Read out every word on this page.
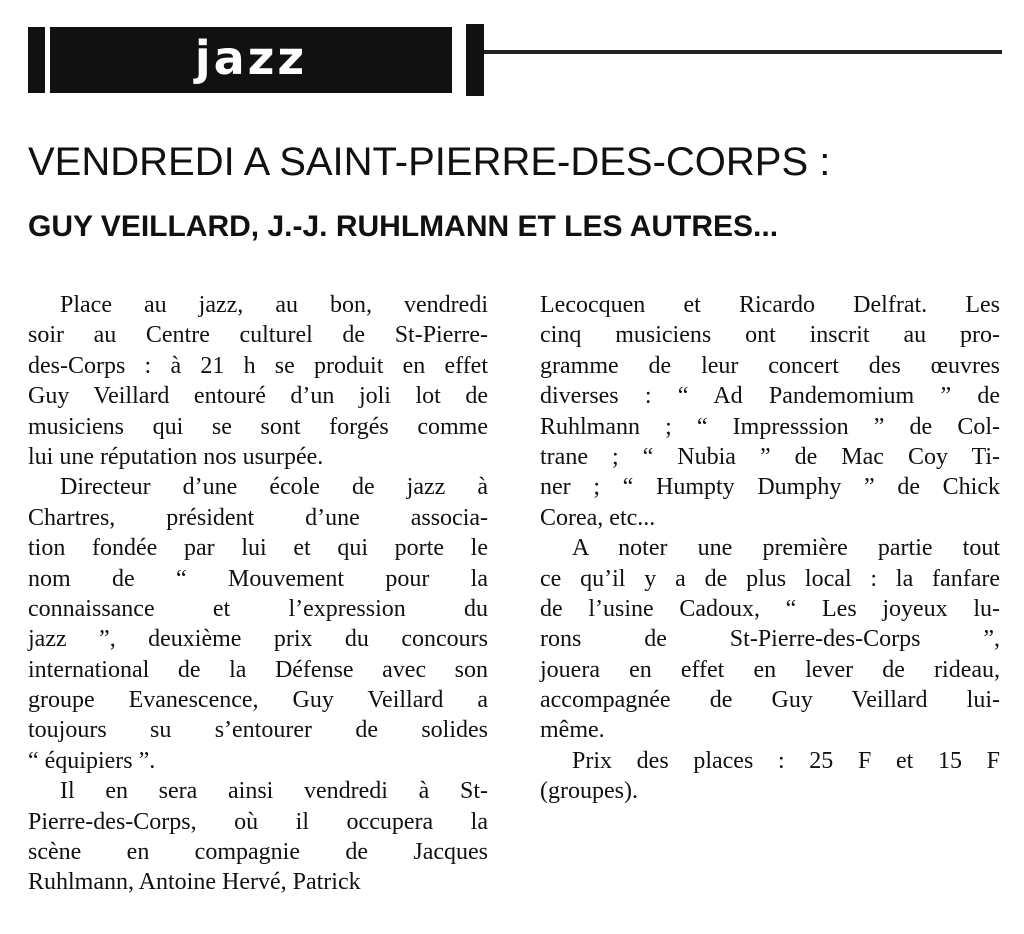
jazz
VENDREDI A SAINT-PIERRE-DES-CORPS :
GUY VEILLARD, J.-J. RUHLMANN ET LES AUTRES...
Place au jazz, au bon, vendredi
soir au Centre culturel de St-Pierre-
des-Corps : à 21 h se produit en effet
Guy Veillard entouré d’un joli lot de
musiciens qui se sont forgés comme
lui une réputation nos usurpée.
Directeur d’une école de jazz à
Chartres, président d’une associa-
tion fondée par lui et qui porte le
nom de “ Mouvement pour la
connaissance et l’expression du
jazz ”, deuxième prix du concours
international de la Défense avec son
groupe Evanescence, Guy Veillard a
toujours su s’entourer de solides
“ équipiers ”.
Il en sera ainsi vendredi à St-
Pierre-des-Corps, où il occupera la
scène en compagnie de Jacques
Ruhlmann, Antoine Hervé, Patrick
Lecocquen et Ricardo Delfrat. Les
cinq musiciens ont inscrit au pro-
gramme de leur concert des œuvres
diverses : “ Ad Pandemomium ” de
Ruhlmann ; “ Impresssion ” de Col-
trane ; “ Nubia ” de Mac Coy Ti-
ner ; “ Humpty Dumphy ” de Chick
Corea, etc...
A noter une première partie tout
ce qu’il y a de plus local : la fanfare
de l’usine Cadoux, “ Les joyeux lu-
rons de St-Pierre-des-Corps ”,
jouera en effet en lever de rideau,
accompagnée de Guy Veillard lui-
même.
Prix des places : 25 F et 15 F
(groupes).
